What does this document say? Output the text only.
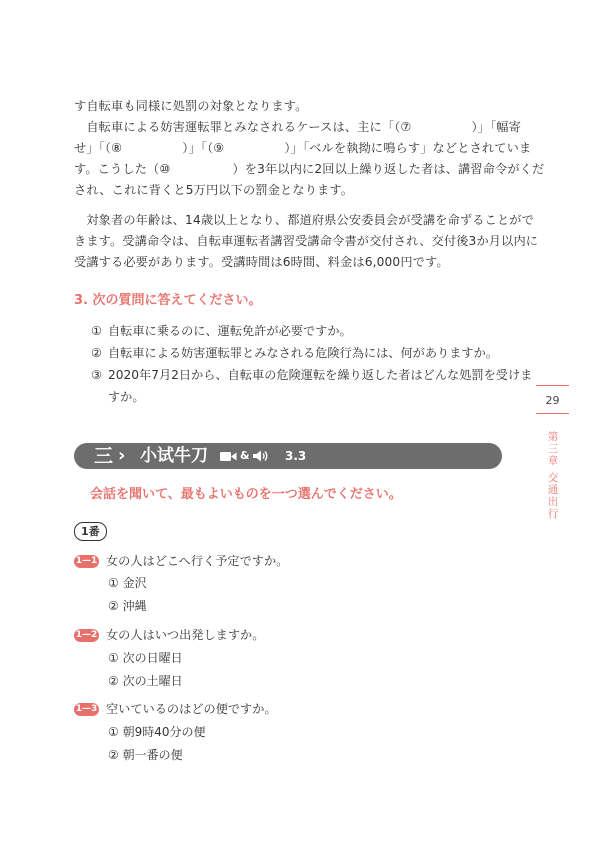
す自転車も同様に処罰の対象となります。
　自転車による妨害運転罪とみなされるケースは、主に「（⑦	）」「幅寄
せ」「（⑧	）」「（⑨	）」「ベルを執拗に鳴らす」などとされていま
す。こうした（⑩	）を3年以内に2回以上繰り返した者は、講習命令がくだ
され、これに背くと5万円以下の罰金となります。
　対象者の年齢は、14歳以上となり、都道府県公安委員会が受講を命ずることがで
きます。受講命令は、自転車運転者講習受講命令書が交付され、交付後3か月以内に
受講する必要があります。受講時間は6時間、料金は6,000円です。
3. 次の質問に答えてください。
① 自転車に乗るのに、運転免許が必要ですか。
② 自転車による妨害運転罪とみなされる危険行為には、何がありますか。
③ 2020年7月2日から、自転車の危険運転を繰り返した者はどんな処罰を受けま
すか。	29
第三章
交通出行
三 › 小试牛刀	&	3.3
会話を聞いて、最もよいものを一つ選んでください。
1番
1—1 女の人はどこへ行く予定ですか。
① 金沢
② 沖縄
1—2 女の人はいつ出発しますか。
① 次の日曜日
② 次の土曜日
1—3 空いているのはどの便ですか。
① 朝9時40分の便
② 朝一番の便
